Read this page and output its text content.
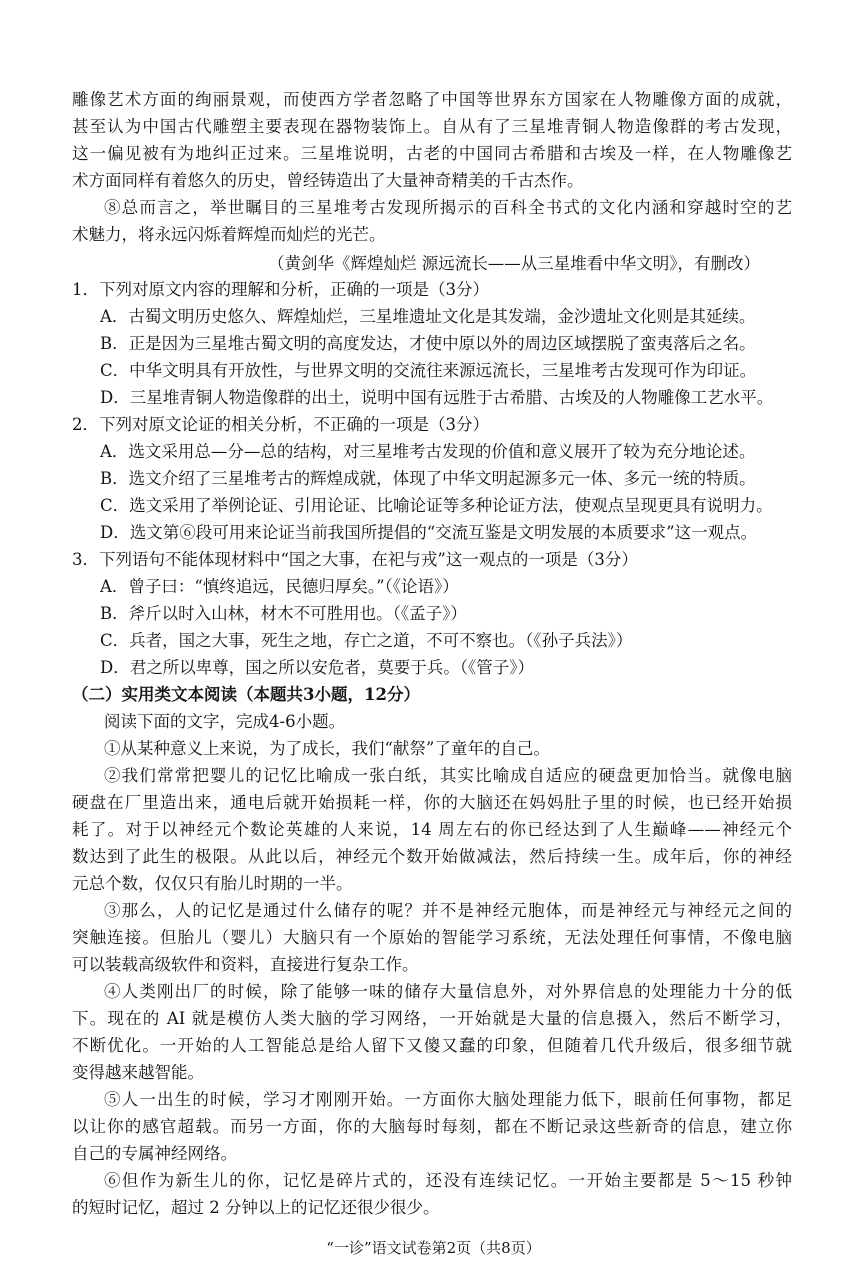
雕像艺术方面的绚丽景观，而使西方学者忽略了中国等世界东方国家在人物雕像方面的成就，
甚至认为中国古代雕塑主要表现在器物装饰上。自从有了三星堆青铜人物造像群的考古发现，
这一偏见被有为地纠正过来。三星堆说明，古老的中国同古希腊和古埃及一样，在人物雕像艺
术方面同样有着悠久的历史，曾经铸造出了大量神奇精美的千古杰作。
⑧总而言之，举世瞩目的三星堆考古发现所揭示的百科全书式的文化内涵和穿越时空的艺
术魅力，将永远闪烁着辉煌而灿烂的光芒。
（黄剑华《辉煌灿烂 源远流长——从三星堆看中华文明》，有删改）
1．下列对原文内容的理解和分析，正确的一项是（3分）
A．古蜀文明历史悠久、辉煌灿烂，三星堆遗址文化是其发端，金沙遗址文化则是其延续。
B．正是因为三星堆古蜀文明的高度发达，才使中原以外的周边区域摆脱了蛮夷落后之名。
C．中华文明具有开放性，与世界文明的交流往来源远流长，三星堆考古发现可作为印证。
D．三星堆青铜人物造像群的出土，说明中国有远胜于古希腊、古埃及的人物雕像工艺水平。
2．下列对原文论证的相关分析，不正确的一项是（3分）
A．选文采用总—分—总的结构，对三星堆考古发现的价值和意义展开了较为充分地论述。
B．选文介绍了三星堆考古的辉煌成就，体现了中华文明起源多元一体、多元一统的特质。
C．选文采用了举例论证、引用论证、比喻论证等多种论证方法，使观点呈现更具有说明力。
D．选文第⑥段可用来论证当前我国所提倡的“交流互鉴是文明发展的本质要求”这一观点。
3．下列语句不能体现材料中“国之大事，在祀与戎”这一观点的一项是（3分）
A．曾子曰：“慎终追远，民德归厚矣。”（《论语》）
B．斧斤以时入山林，材木不可胜用也。（《孟子》）
C．兵者，国之大事，死生之地，存亡之道，不可不察也。（《孙子兵法》）
D．君之所以卑尊，国之所以安危者，莫要于兵。（《管子》）
（二）实用类文本阅读（本题共3小题，12分）
阅读下面的文字，完成4-6小题。
①从某种意义上来说，为了成长，我们“献祭”了童年的自己。
②我们常常把婴儿的记忆比喻成一张白纸，其实比喻成自适应的硬盘更加恰当。就像电脑
硬盘在厂里造出来，通电后就开始损耗一样，你的大脑还在妈妈肚子里的时候，也已经开始损
耗了。对于以神经元个数论英雄的人来说，14 周左右的你已经达到了人生巅峰——神经元个
数达到了此生的极限。从此以后，神经元个数开始做减法，然后持续一生。成年后，你的神经
元总个数，仅仅只有胎儿时期的一半。
③那么，人的记忆是通过什么储存的呢？并不是神经元胞体，而是神经元与神经元之间的
突触连接。但胎儿（婴儿）大脑只有一个原始的智能学习系统，无法处理任何事情，不像电脑
可以装载高级软件和资料，直接进行复杂工作。
④人类刚出厂的时候，除了能够一味的储存大量信息外，对外界信息的处理能力十分的低
下。现在的 AI 就是模仿人类大脑的学习网络，一开始就是大量的信息摄入，然后不断学习，
不断优化。一开始的人工智能总是给人留下又傻又蠢的印象，但随着几代升级后，很多细节就
变得越来越智能。
⑤人一出生的时候，学习才刚刚开始。一方面你大脑处理能力低下，眼前任何事物，都足
以让你的感官超载。而另一方面，你的大脑每时每刻，都在不断记录这些新奇的信息，建立你
自己的专属神经网络。
⑥但作为新生儿的你，记忆是碎片式的，还没有连续记忆。一开始主要都是 5～15 秒钟
的短时记忆，超过 2 分钟以上的记忆还很少很少。
“一诊”语文试卷第2页（共8页）
